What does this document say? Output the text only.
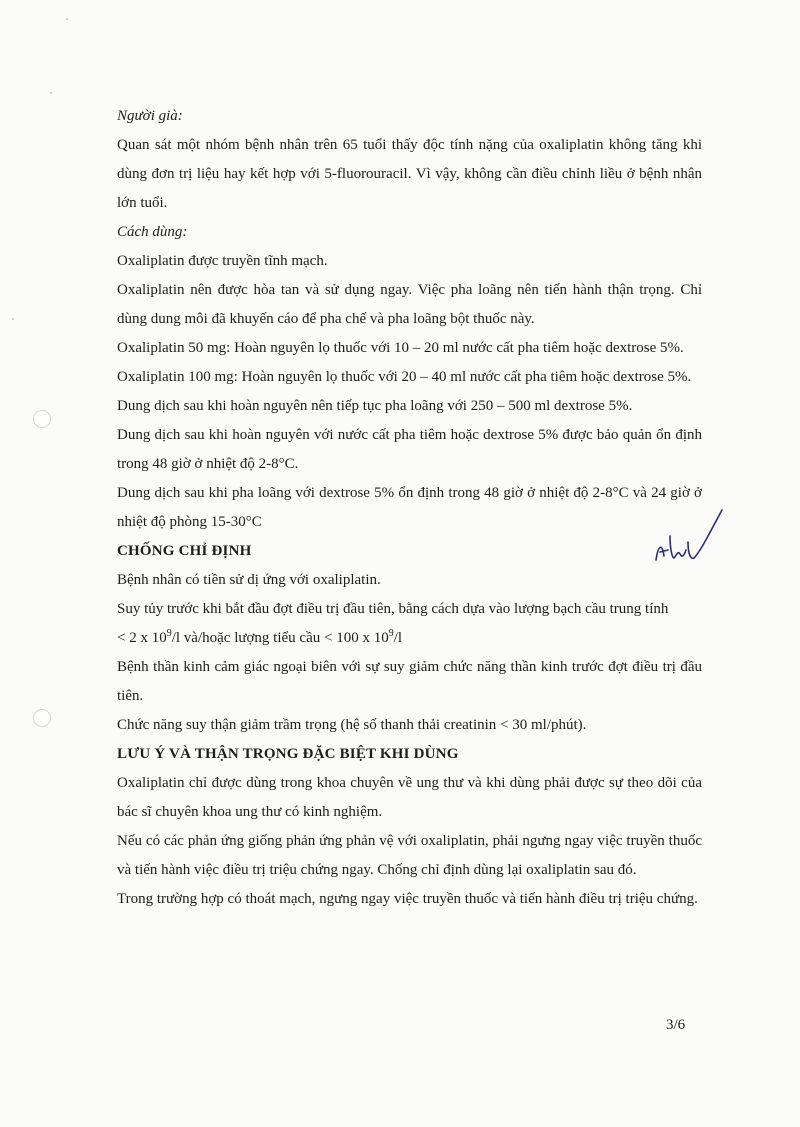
Người già:

Quan sát một nhóm bệnh nhân trên 65 tuổi thấy độc tính nặng của oxaliplatin không tăng khi dùng đơn trị liệu hay kết hợp với 5-fluorouracil. Vì vậy, không cần điều chỉnh liều ở bệnh nhân lớn tuổi.

Cách dùng:

Oxaliplatin được truyền tĩnh mạch.

Oxaliplatin nên được hòa tan và sử dụng ngay. Việc pha loãng nên tiến hành thận trọng. Chỉ dùng dung môi đã khuyến cáo để pha chế và pha loãng bột thuốc này.

Oxaliplatin 50 mg: Hoàn nguyên lọ thuốc với 10 – 20 ml nước cất pha tiêm hoặc dextrose 5%.

Oxaliplatin 100 mg: Hoàn nguyên lọ thuốc với 20 – 40 ml nước cất pha tiêm hoặc dextrose 5%.

Dung dịch sau khi hoàn nguyên nên tiếp tục pha loãng với 250 – 500 ml dextrose 5%.

Dung dịch sau khi hoàn nguyên với nước cất pha tiêm hoặc dextrose 5% được bảo quản ổn định trong 48 giờ ở nhiệt độ 2-8°C.

Dung dịch sau khi pha loãng với dextrose 5% ổn định trong 48 giờ ở nhiệt độ 2-8°C và 24 giờ ở nhiệt độ phòng 15-30°C

CHỐNG CHỈ ĐỊNH

Bệnh nhân có tiền sử dị ứng với oxaliplatin.

Suy tủy trước khi bắt đầu đợt điều trị đầu tiên, bằng cách dựa vào lượng bạch cầu trung tính
< 2 x $10^9/l$ và/hoặc lượng tiểu cầu < 100 x $10^9/l$

Bệnh thần kinh cảm giác ngoại biên với sự suy giảm chức năng thần kinh trước đợt điều trị đầu tiên.

Chức năng suy thận giảm trầm trọng (hệ số thanh thải creatinin < 30 ml/phút).

LƯU Ý VÀ THẬN TRỌNG ĐẶC BIỆT KHI DÙNG

Oxaliplatin chỉ được dùng trong khoa chuyên về ung thư và khi dùng phải được sự theo dõi của bác sĩ chuyên khoa ung thư có kinh nghiệm.

Nếu có các phản ứng giống phản ứng phản vệ với oxaliplatin, phải ngưng ngay việc truyền thuốc và tiến hành việc điều trị triệu chứng ngay. Chống chỉ định dùng lại oxaliplatin sau đó.

Trong trường hợp có thoát mạch, ngưng ngay việc truyền thuốc và tiến hành điều trị triệu chứng.

3/6
